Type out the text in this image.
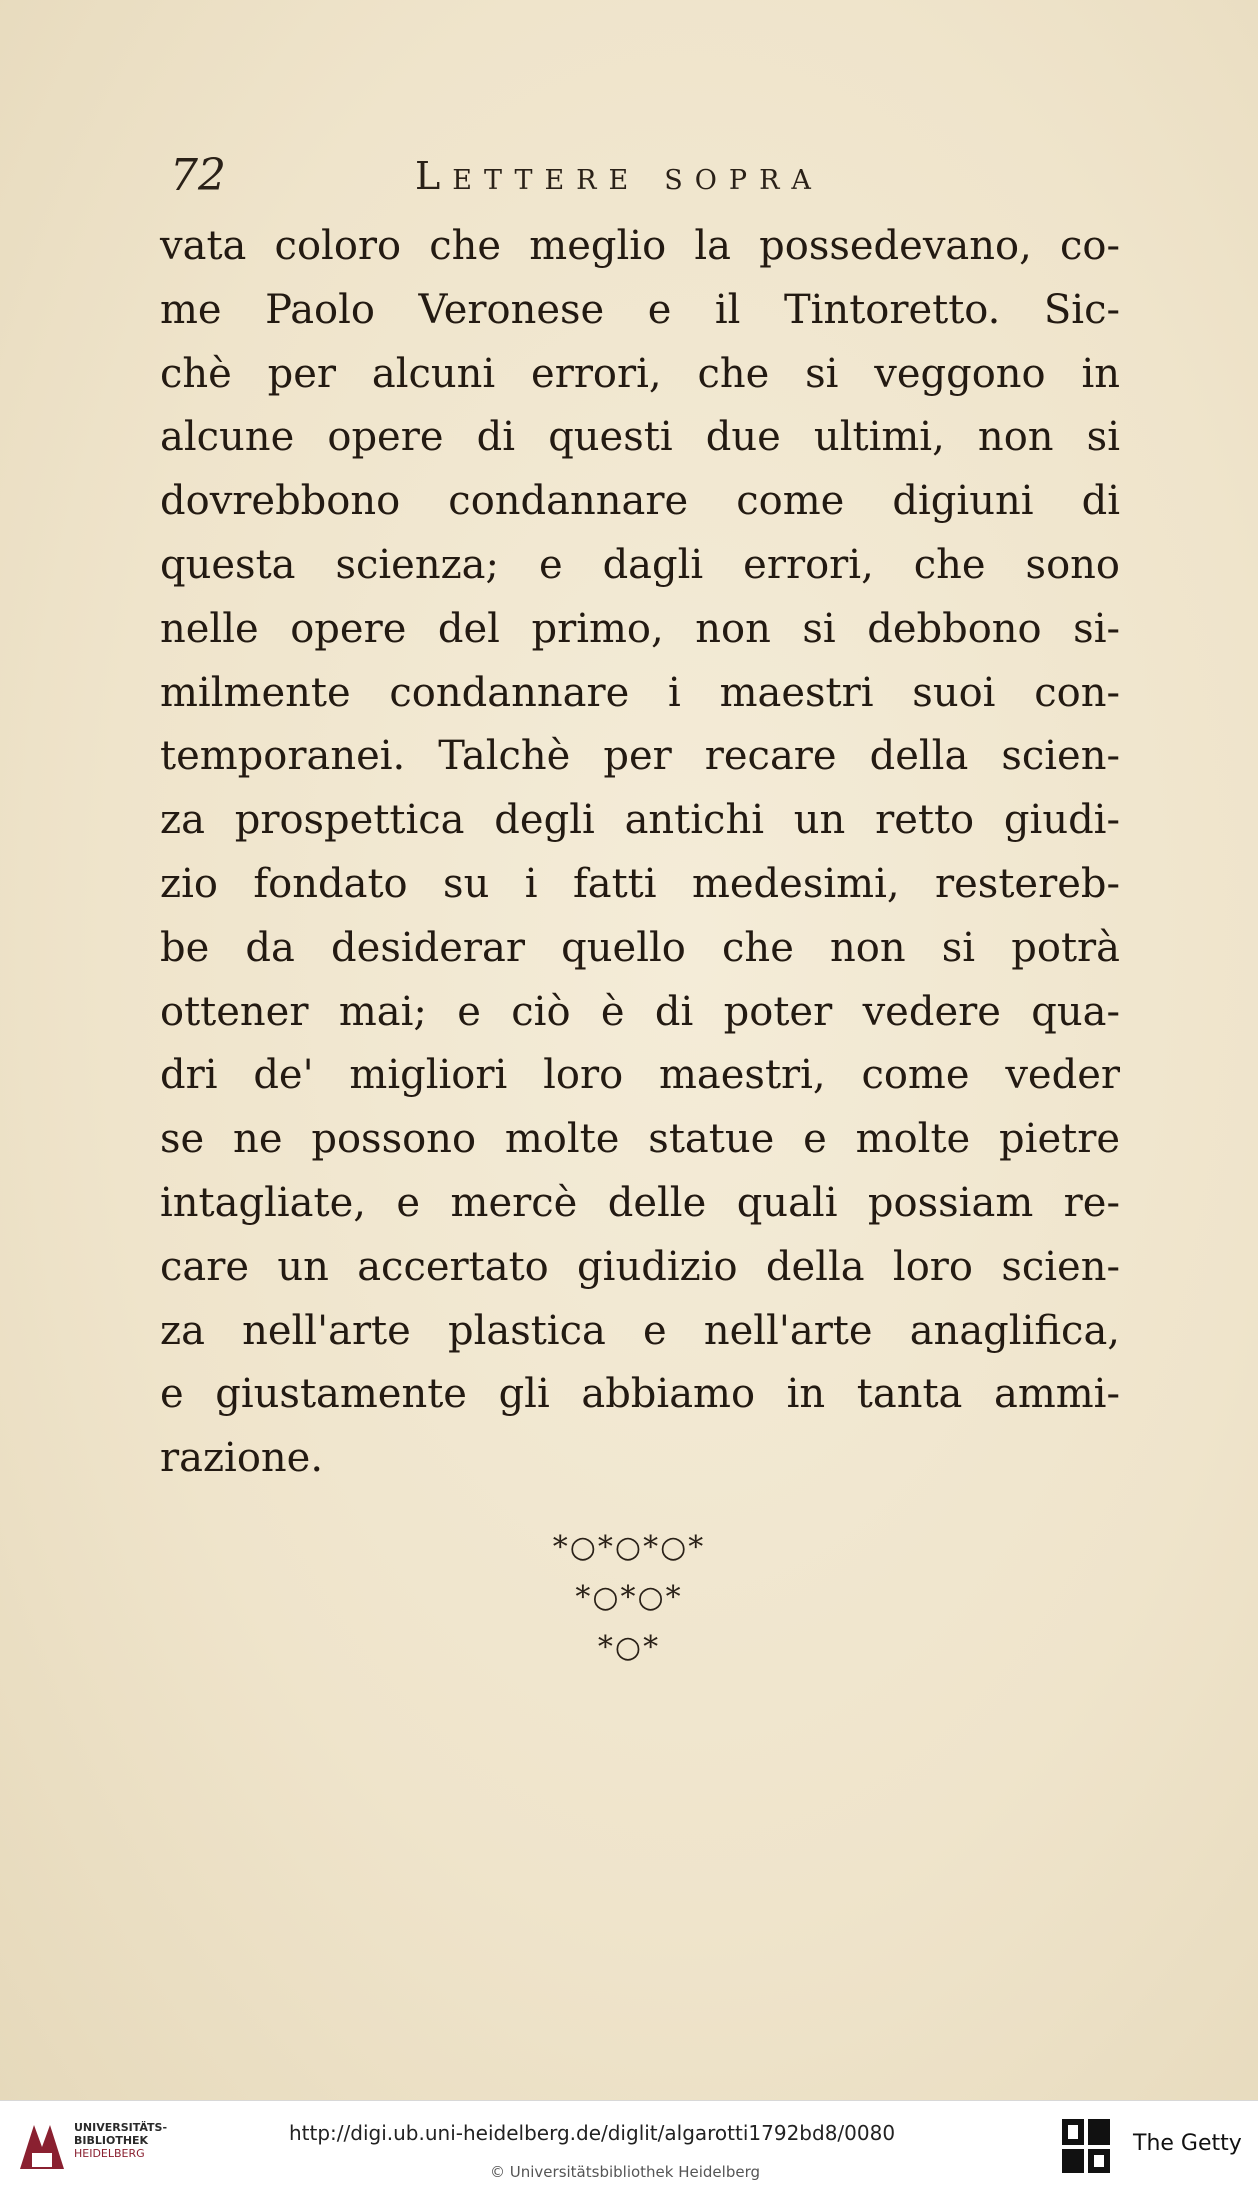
72	Lettere sopra
vata coloro che meglio la possedevano, co-
me Paolo Veronese e il Tintoretto. Sic-
chè per alcuni errori, che si veggono in
alcune opere di questi due ultimi, non si
dovrebbono condannare come digiuni di
questa scienza; e dagli errori, che sono
nelle opere del primo, non si debbono si-
milmente condannare i maestri suoi con-
temporanei. Talchè per recare della scien-
za prospettica degli antichi un retto giudi-
zio fondato su i fatti medesimi, restereb-
be da desiderar quello che non si potrà
ottener mai; e ciò è di poter vedere qua-
dri de' migliori loro maestri, come veder
se ne possono molte statue e molte pietre
intagliate, e mercè delle quali possiam re-
care un accertato giudizio della loro scien-
za nell'arte plastica e nell'arte anaglifica,
e giustamente gli abbiamo in tanta ammi-
razione.
*○*○*○*
*○*○*
*○*
UNIVERSITÄTS-
BIBLIOTHEK
HEIDELBERG
http://digi.ub.uni-heidelberg.de/diglit/algarotti1792bd8/0080
© Universitätsbibliothek Heidelberg
The Getty
